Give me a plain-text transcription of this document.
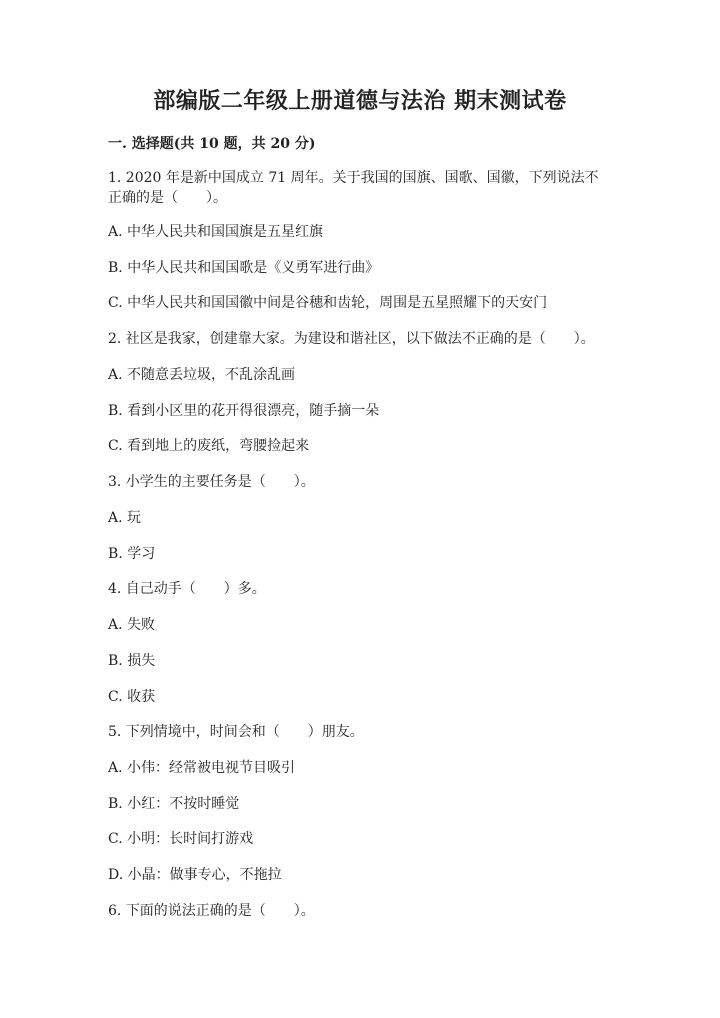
部编版二年级上册道德与法治 期末测试卷
一. 选择题(共 10 题，共 20 分)
1. 2020 年是新中国成立 71 周年。关于我国的国旗、国歌、国徽，下列说法不
正确的是（　　）。
A. 中华人民共和国国旗是五星红旗
B. 中华人民共和国国歌是《义勇军进行曲》
C. 中华人民共和国国徽中间是谷穗和齿轮，周围是五星照耀下的天安门
2. 社区是我家，创建靠大家。为建设和谐社区，以下做法不正确的是（　　）。
A. 不随意丢垃圾，不乱涂乱画
B. 看到小区里的花开得很漂亮，随手摘一朵
C. 看到地上的废纸，弯腰捡起来
3. 小学生的主要任务是（　　）。
A. 玩
B. 学习
4. 自己动手（　　）多。
A. 失败
B. 损失
C. 收获
5. 下列情境中，时间会和（　　）朋友。
A. 小伟：经常被电视节目吸引
B. 小红：不按时睡觉
C. 小明：长时间打游戏
D. 小晶：做事专心，不拖拉
6. 下面的说法正确的是（　　）。
